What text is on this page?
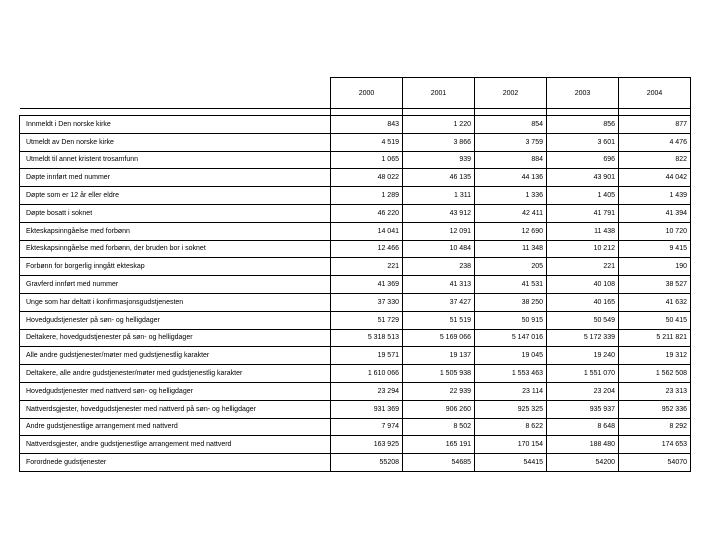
	2000	2001	2002	2003	2004

Innmeldt i Den norske kirke	843	1 220	854	856	877
Utmeldt av Den norske kirke	4 519	3 866	3 759	3 601	4 476
Utmeldt til annet kristent trosamfunn	1 065	939	884	696	822
Døpte innført med nummer	48 022	46 135	44 136	43 901	44 042
Døpte som er 12 år eller eldre	1 289	1 311	1 336	1 405	1 439
Døpte bosatt i soknet	46 220	43 912	42 411	41 791	41 394
Ekteskapsinngåelse med forbønn	14 041	12 091	12 690	11 438	10 720
Ekteskapsinngåelse med forbønn, der bruden bor i soknet	12 466	10 484	11 348	10 212	9 415
Forbønn for borgerlig inngått ekteskap	221	238	205	221	190
Gravferd innført med nummer	41 369	41 313	41 531	40 108	38 527
Unge som har deltatt i konfirmasjonsgudstjenesten	37 330	37 427	38 250	40 165	41 632
Hovedgudstjenester på søn- og helligdager	51 729	51 519	50 915	50 549	50 415
Deltakere, hovedgudstjenester på søn- og helligdager	5 318 513	5 169 066	5 147 016	5 172 339	5 211 821
Alle andre gudstjenester/møter med gudstjenestlig karakter	19 571	19 137	19 045	19 240	19 312
Deltakere, alle andre gudstjenester/møter med gudstjenestlig karakter	1 610 066	1 505 938	1 553 463	1 551 070	1 562 508
Hovedgudstjenester med nattverd søn- og helligdager	23 294	22 939	23 114	23 204	23 313
Nattverdsgjester, hovedgudstjenester med nattverd på søn- og helligdager	931 369	906 260	925 325	935 937	952 336
Andre gudstjenestlige arrangement med nattverd	7 974	8 502	8 622	8 648	8 292
Nattverdsgjester, andre gudstjenestlige arrangement med nattverd	163 925	165 191	170 154	188 480	174 653
Forordnede gudstjenester	55208	54685	54415	54200	54070
